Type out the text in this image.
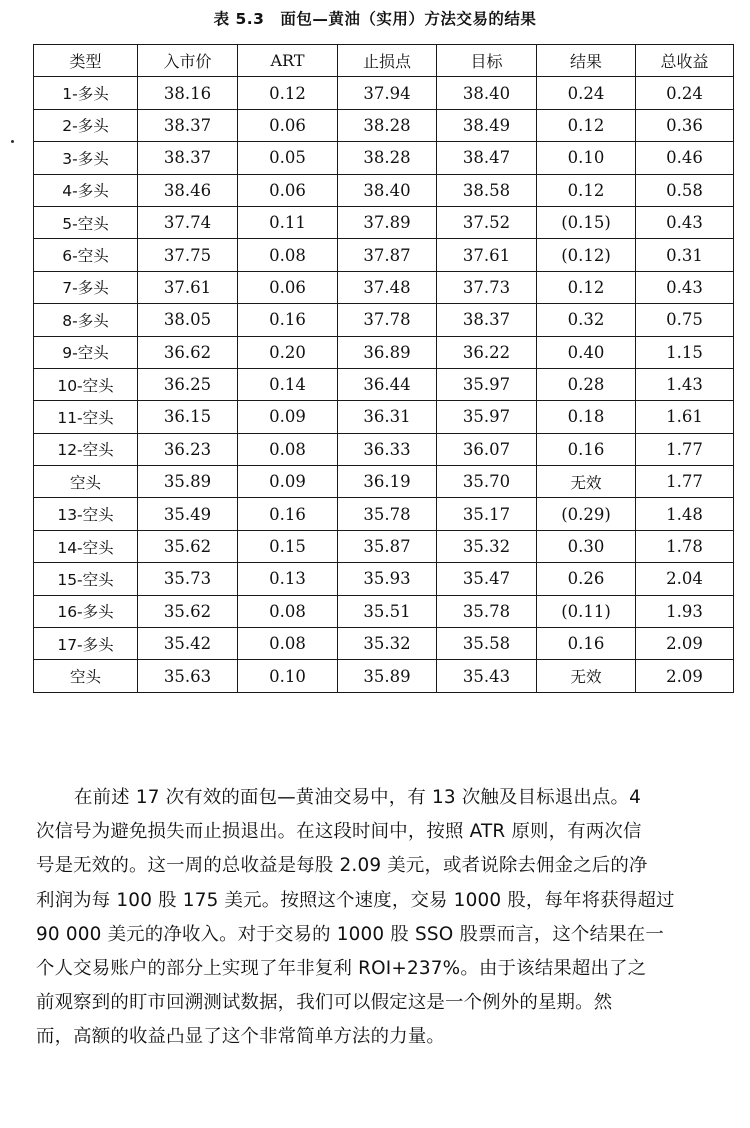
表 5.3　面包—黄油（实用）方法交易的结果
类型	入市价	ART	止损点	目标	结果	总收益
1-多头	38.16	0.12	37.94	38.40	0.24	0.24
2-多头	38.37	0.06	38.28	38.49	0.12	0.36
3-多头	38.37	0.05	38.28	38.47	0.10	0.46
4-多头	38.46	0.06	38.40	38.58	0.12	0.58
5-空头	37.74	0.11	37.89	37.52	(0.15)	0.43
6-空头	37.75	0.08	37.87	37.61	(0.12)	0.31
7-多头	37.61	0.06	37.48	37.73	0.12	0.43
8-多头	38.05	0.16	37.78	38.37	0.32	0.75
9-空头	36.62	0.20	36.89	36.22	0.40	1.15
10-空头	36.25	0.14	36.44	35.97	0.28	1.43
11-空头	36.15	0.09	36.31	35.97	0.18	1.61
12-空头	36.23	0.08	36.33	36.07	0.16	1.77
空头	35.89	0.09	36.19	35.70	无效	1.77
13-空头	35.49	0.16	35.78	35.17	(0.29)	1.48
14-空头	35.62	0.15	35.87	35.32	0.30	1.78
15-空头	35.73	0.13	35.93	35.47	0.26	2.04
16-多头	35.62	0.08	35.51	35.78	(0.11)	1.93
17-多头	35.42	0.08	35.32	35.58	0.16	2.09
空头	35.63	0.10	35.89	35.43	无效	2.09
在前述 17 次有效的面包—黄油交易中，有 13 次触及目标退出点。4
次信号为避免损失而止损退出。在这段时间中，按照 ATR 原则，有两次信
号是无效的。这一周的总收益是每股 2.09 美元，或者说除去佣金之后的净
利润为每 100 股 175 美元。按照这个速度，交易 1000 股，每年将获得超过
90 000 美元的净收入。对于交易的 1000 股 SSO 股票而言，这个结果在一
个人交易账户的部分上实现了年非复利 ROI+237%。由于该结果超出了之
前观察到的盯市回溯测试数据，我们可以假定这是一个例外的星期。然
而，高额的收益凸显了这个非常简单方法的力量。
